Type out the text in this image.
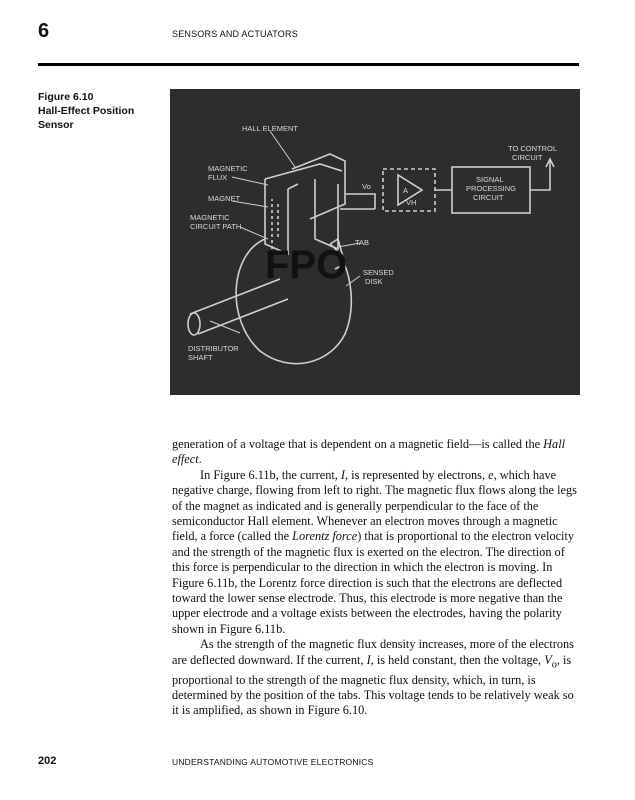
6	SENSORS AND ACTUATORS
Figure 6.10
Hall-Effect Position
Sensor	HALL ELEMENT
MAGNETIC
FLUX
MAGNET
MAGNETIC
CIRCUIT PATH
TO CONTROL
CIRCUIT
SIGNAL
PROCESSING
CIRCUIT
A
Vo
VH
TAB
SENSED
DISK
DISTRIBUTOR
SHAFT
FPO

generation of a voltage that is dependent on a magnetic field—is called the Hall effect.

In Figure 6.11b, the current, I, is represented by electrons, e, which have negative charge, flowing from left to right. The magnetic flux flows along the legs of the magnet as indicated and is generally perpendicular to the face of the semiconductor Hall element. Whenever an electron moves through a magnetic field, a force (called the Lorentz force) that is proportional to the electron velocity and the strength of the magnetic flux is exerted on the electron. The direction of this force is perpendicular to the direction in which the electron is moving. In Figure 6.11b, the Lorentz force direction is such that the electrons are deflected toward the lower sense electrode. Thus, this electrode is more negative than the upper electrode and a voltage exists between the electrodes, having the polarity shown in Figure 6.11b.

As the strength of the magnetic flux density increases, more of the electrons are deflected downward. If the current, I, is held constant, then the voltage, $V_o$, is proportional to the strength of the magnetic flux density, which, in turn, is determined by the position of the tabs. This voltage tends to be relatively weak so it is amplified, as shown in Figure 6.10.

202	UNDERSTANDING AUTOMOTIVE ELECTRONICS
